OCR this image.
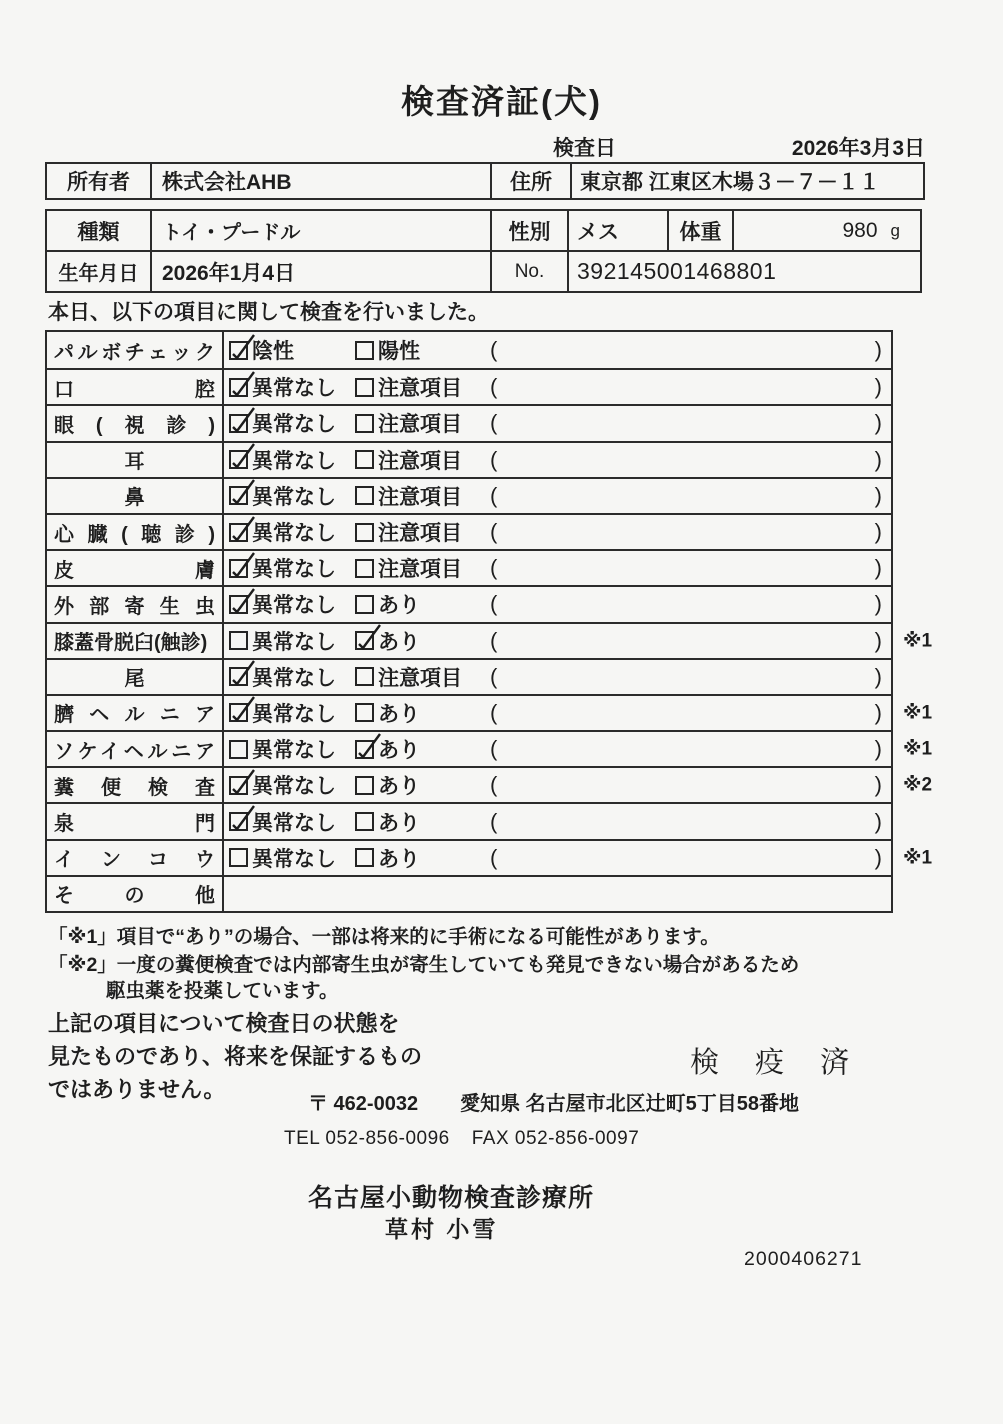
検査済証(犬)
検査日	2026年3月3日
所有者	株式会社AHB	住所	東京都 江東区木場３－７－１１
種類	トイ・プードル	性別	メス	体重	980 g
生年月日	2026年1月4日	No.	392145001468801
本日、以下の項目に関して検査を行いました。
パルボチェック 陰性	陽性	(	)
口腔 異常なし 注意項目 (	)
眼(視診) 異常なし 注意項目 (	)
耳	異常なし 注意項目 (	)
鼻	異常なし 注意項目 (	)
心臓(聴診) 異常なし 注意項目 (	)
皮膚 異常なし 注意項目 (	)
外部寄生虫 異常なし あり	(	)
膝蓋骨脱臼(触診)	異常なし あり	(	) ※1
尾	異常なし 注意項目 (	)
臍ヘルニア 異常なし あり	(	) ※1
ソケイヘルニア 異常なし あり	(	) ※1
糞便検査 異常なし あり	(	) ※2
泉門 異常なし あり	(	)
インコウ 異常なし あり	(	) ※1
その他
「※1」項目で“あり”の場合、一部は将来的に手術になる可能性があります。
「※2」一度の糞便検査では内部寄生虫が寄生していても発見できない場合があるため
駆虫薬を投薬しています。
上記の項目について検査日の状態を
見たものであり、将来を保証するもの
ではありません。
検 疫 済
〒 462-0032 愛知県 名古屋市北区辻町5丁目58番地
TEL 052-856-0096 FAX 052-856-0097
名古屋小動物検査診療所
草村 小雪
2000406271
